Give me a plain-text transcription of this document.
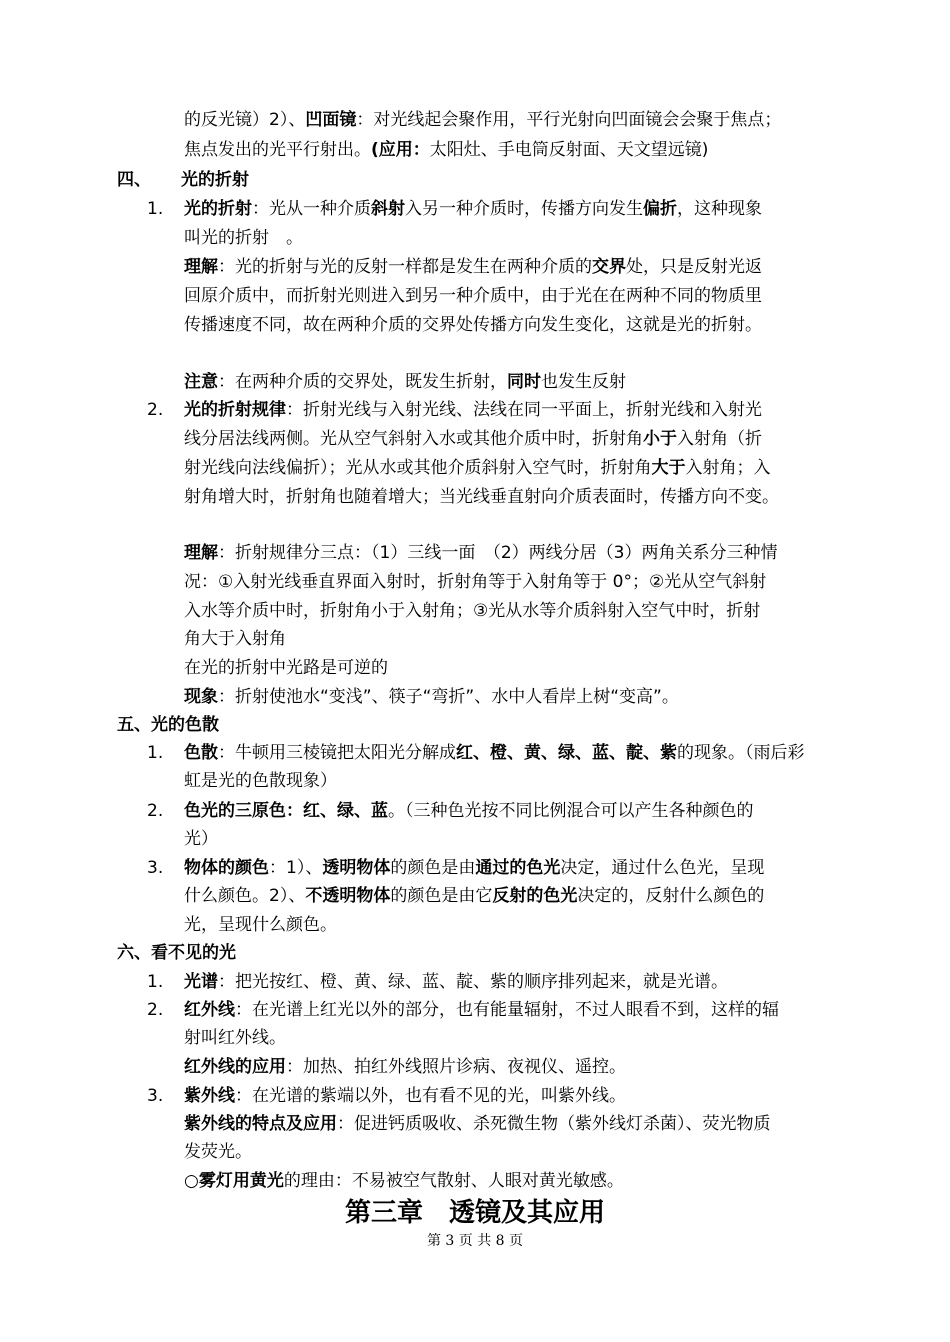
的反光镜）2）、凹面镜：对光线起会聚作用，平行光射向凹面镜会会聚于焦点；
焦点发出的光平行射出。(应用：太阳灶、手电筒反射面、天文望远镜)
四、 光的折射
1. 光的折射：光从一种介质斜射入另一种介质时，传播方向发生偏折，这种现象
叫光的折射　。
理解：光的折射与光的反射一样都是发生在两种介质的交界处，只是反射光返
回原介质中，而折射光则进入到另一种介质中，由于光在在两种不同的物质里
传播速度不同，故在两种介质的交界处传播方向发生变化，这就是光的折射。
注意：在两种介质的交界处，既发生折射，同时也发生反射
2. 光的折射规律：折射光线与入射光线、法线在同一平面上，折射光线和入射光
线分居法线两侧。光从空气斜射入水或其他介质中时，折射角小于入射角（折
射光线向法线偏折）；光从水或其他介质斜射入空气时，折射角大于入射角；入
射角增大时，折射角也随着增大；当光线垂直射向介质表面时，传播方向不变。
理解：折射规律分三点：（1）三线一面　（2）两线分居（3）两角关系分三种情
况：①入射光线垂直界面入射时，折射角等于入射角等于 0°；②光从空气斜射
入水等介质中时，折射角小于入射角；③光从水等介质斜射入空气中时，折射
角大于入射角
在光的折射中光路是可逆的
现象：折射使池水“变浅”、筷子“弯折”、水中人看岸上树“变高”。
五、光的色散
1. 色散：牛顿用三棱镜把太阳光分解成红、橙、黄、绿、蓝、靛、紫的现象。（雨后彩
虹是光的色散现象）
2. 色光的三原色：红、绿、蓝。（三种色光按不同比例混合可以产生各种颜色的
光）
3. 物体的颜色：1）、透明物体的颜色是由通过的色光决定，通过什么色光，呈现
什么颜色。2）、不透明物体的颜色是由它反射的色光决定的，反射什么颜色的
光，呈现什么颜色。
六、看不见的光
1. 光谱：把光按红、橙、黄、绿、蓝、靛、紫的顺序排列起来，就是光谱。
2. 红外线：在光谱上红光以外的部分，也有能量辐射，不过人眼看不到，这样的辐
射叫红外线。
红外线的应用：加热、拍红外线照片诊病、夜视仪、遥控。
3. 紫外线：在光谱的紫端以外，也有看不见的光，叫紫外线。
紫外线的特点及应用：促进钙质吸收、杀死微生物（紫外线灯杀菌）、荧光物质
发荧光。
○雾灯用黄光的理由：不易被空气散射、人眼对黄光敏感。
第三章　透镜及其应用
第 3 页 共 8 页
